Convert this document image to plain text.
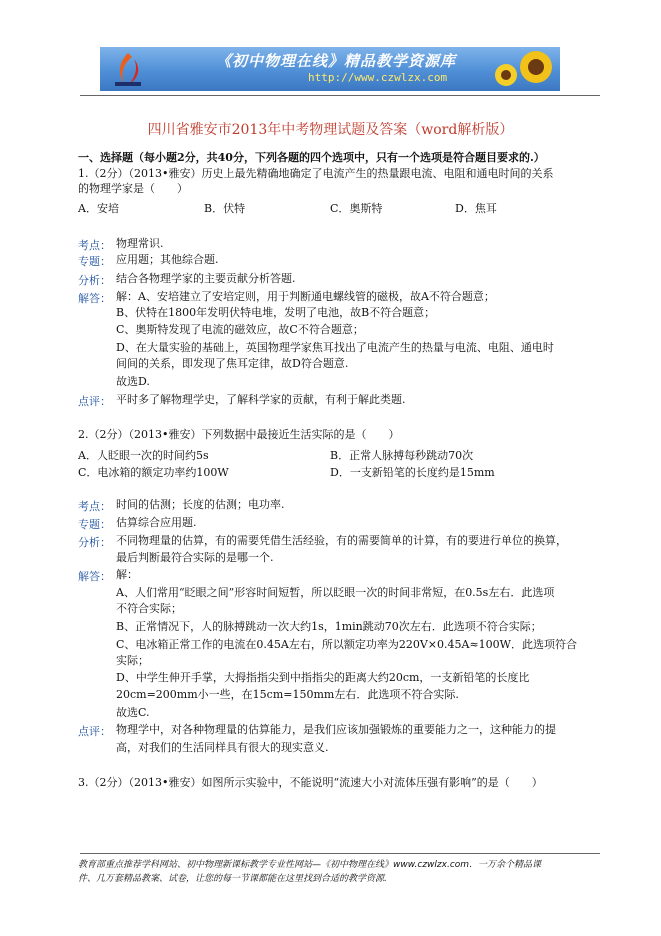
《初中物理在线》精品教学资源库
http://www.czwlzx.com
四川省雅安市2013年中考物理试题及答案（word解析版）
一、选择题（每小题2分，共40分，下列各题的四个选项中，只有一个选项是符合题目要求的.）
1.（2分）（2013•雅安）历史上最先精确地确定了电流产生的热量跟电流、电阻和通电时间的关系
的物理学家是（　　）
A．安培	B．伏特	C．奥斯特	D．焦耳
考点： 物理常识.
专题： 应用题；其他综合题.
分析： 结合各物理学家的主要贡献分析答题.
解答： 解：A、安培建立了安培定则，用于判断通电螺线管的磁极，故A不符合题意；
B、伏特在1800年发明伏特电堆，发明了电池，故B不符合题意；
C、奥斯特发现了电流的磁效应，故C不符合题意；
D、在大量实验的基础上，英国物理学家焦耳找出了电流产生的热量与电流、电阻、通电时
间间的关系，即发现了焦耳定律，故D符合题意.
故选D.
点评： 平时多了解物理学史，了解科学家的贡献，有利于解此类题.
2.（2分）（2013•雅安）下列数据中最接近生活实际的是（　　）
A．人眨眼一次的时间约5s	B．正常人脉搏每秒跳动70次
C．电冰箱的额定功率约100W	D．一支新铅笔的长度约是15mm
考点： 时间的估测；长度的估测；电功率.
专题： 估算综合应用题.
分析： 不同物理量的估算，有的需要凭借生活经验，有的需要简单的计算，有的要进行单位的换算，
最后判断最符合实际的是哪一个.
解答： 解：
A、人们常用“眨眼之间”形容时间短暂，所以眨眼一次的时间非常短，在0.5s左右．此选项
不符合实际；
B、正常情况下，人的脉搏跳动一次大约1s，1min跳动70次左右．此选项不符合实际；
C、电冰箱正常工作的电流在0.45A左右，所以额定功率为220V×0.45A≈100W．此选项符合
实际；
D、中学生伸开手掌，大拇指指尖到中指指尖的距离大约20cm，一支新铅笔的长度比
20cm=200mm小一些，在15cm=150mm左右．此选项不符合实际.
故选C.
点评： 物理学中，对各种物理量的估算能力，是我们应该加强锻炼的重要能力之一，这种能力的提
高，对我们的生活同样具有很大的现实意义.
3.（2分）（2013•雅安）如图所示实验中，不能说明“流速大小对流体压强有影响”的是（　　）
教育部重点推荐学科网站、初中物理新课标教学专业性网站—《初中物理在线》www.czwlzx.com．一万余个精品课
件、几万套精品教案、试卷，让您的每一节课都能在这里找到合适的教学资源.
